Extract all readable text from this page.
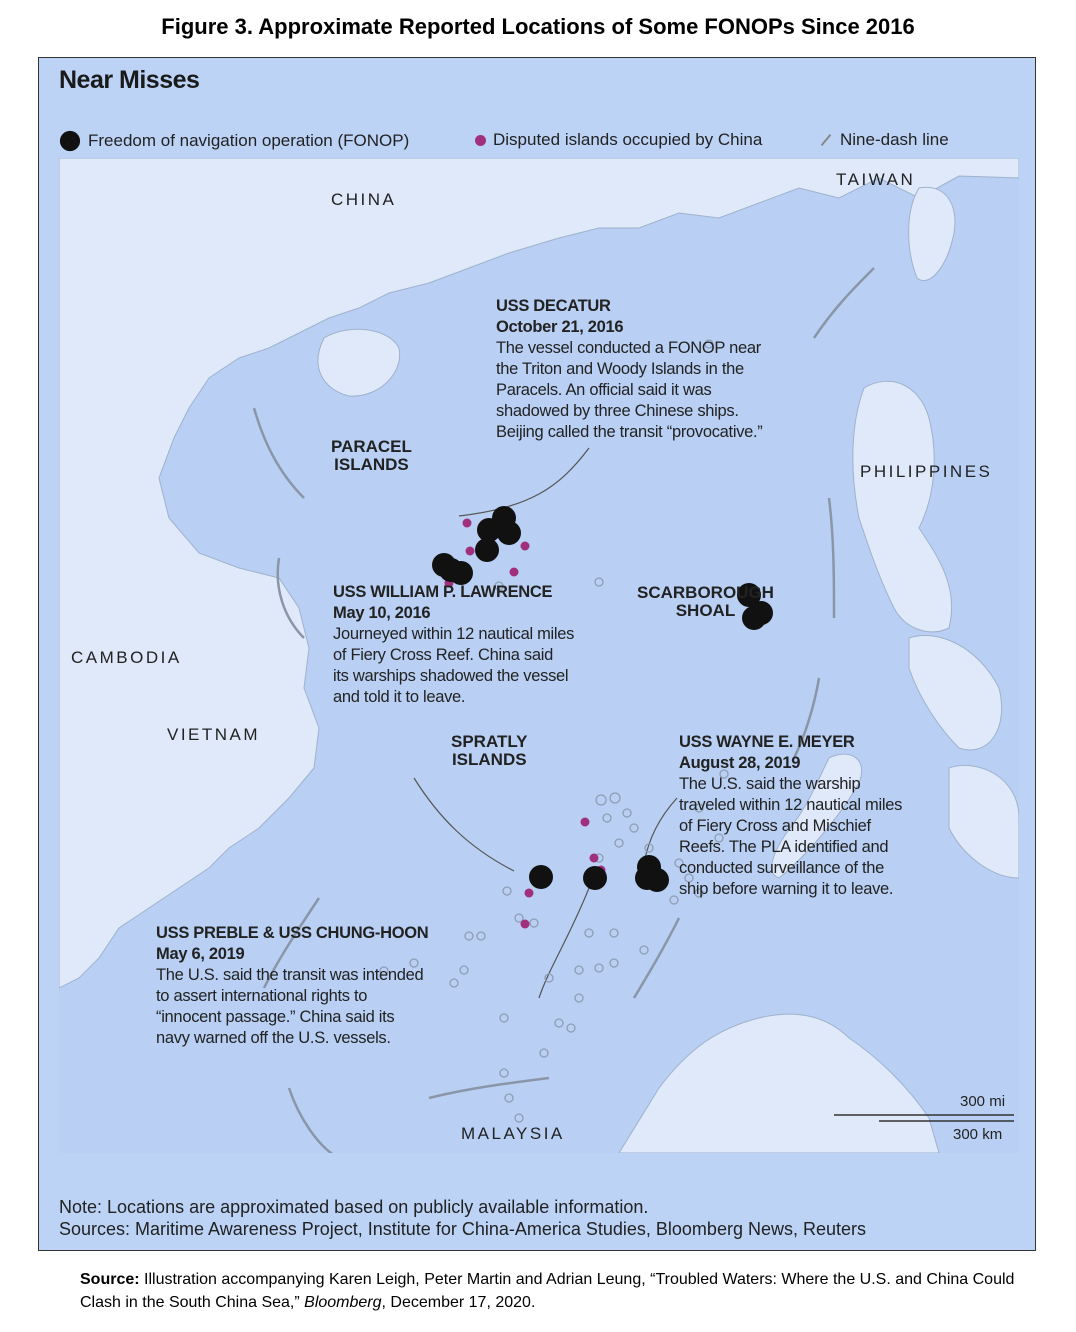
Figure 3. Approximate Reported Locations of Some FONOPs Since 2016
Near Misses
Freedom of navigation operation (FONOP)	Disputed islands occupied by China	Nine-dash line
CHINA
TAIWAN
PHILIPPINES
CAMBODIA
VIETNAM
MALAYSIA
PARACEL
ISLANDS
SCARBOROUGH
SHOAL
SPRATLY
ISLANDS
USS DECATUR
October 21, 2016
The vessel conducted a FONOP near
the Triton and Woody Islands in the
Paracels. An official said it was
shadowed by three Chinese ships.
Beijing called the transit “provocative.”
USS WILLIAM P. LAWRENCE
May 10, 2016
Journeyed within 12 nautical miles
of Fiery Cross Reef. China said
its warships shadowed the vessel
and told it to leave.
USS WAYNE E. MEYER
August 28, 2019
The U.S. said the warship
traveled within 12 nautical miles
of Fiery Cross and Mischief
Reefs. The PLA identified and
conducted surveillance of the
ship before warning it to leave.
USS PREBLE & USS CHUNG-HOON
May 6, 2019
The U.S. said the transit was intended
to assert international rights to
“innocent passage.” China said its
navy warned off the U.S. vessels.
300 mi
300 km
Note: Locations are approximated based on publicly available information.
Sources: Maritime Awareness Project, Institute for China-America Studies, Bloomberg News, Reuters
Source: Illustration accompanying Karen Leigh, Peter Martin and Adrian Leung, “Troubled Waters: Where the U.S. and China Could Clash in the South China Sea,” Bloomberg, December 17, 2020.
